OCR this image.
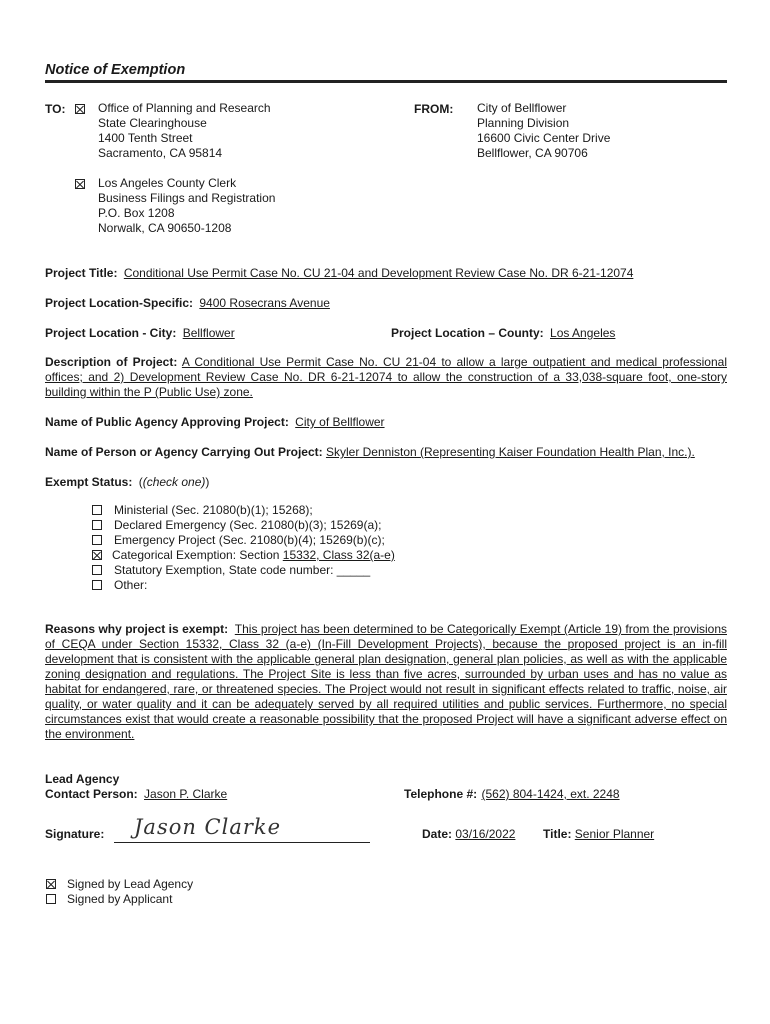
Notice of Exemption
TO:	Office of Planning and Research
State Clearinghouse
1400 Tenth Street
Sacramento, CA 95814
Los Angeles County Clerk
Business Filings and Registration
P.O. Box 1208
Norwalk, CA 90650-1208
FROM: City of Bellflower
Planning Division
16600 Civic Center Drive
Bellflower, CA 90706
Project Title: Conditional Use Permit Case No. CU 21-04 and Development Review Case No. DR 6-21-12074
Project Location-Specific: 9400 Rosecrans Avenue
Project Location - City: Bellflower	Project Location – County: Los Angeles
Description of Project: A Conditional Use Permit Case No. CU 21-04 to allow a large outpatient and medical professional offices; and 2) Development Review Case No. DR 6-21-12074 to allow the construction of a 33,038-square foot, one-story building within the P (Public Use) zone.
Name of Public Agency Approving Project: City of Bellflower
Name of Person or Agency Carrying Out Project: Skyler Denniston (Representing Kaiser Foundation Health Plan, Inc.).
Exempt Status: ((check one))
Ministerial (Sec. 21080(b)(1); 15268);
Declared Emergency (Sec. 21080(b)(3); 15269(a);
Emergency Project (Sec. 21080(b)(4); 15269(b)(c);
Categorical Exemption: Section 15332, Class 32(a-e)
Statutory Exemption, State code number: _____
Other:
Reasons why project is exempt: This project has been determined to be Categorically Exempt (Article 19) from the provisions of CEQA under Section 15332, Class 32 (a-e) (In-Fill Development Projects), because the proposed project is an in-fill development that is consistent with the applicable general plan designation, general plan policies, as well as with the applicable zoning designation and regulations. The Project Site is less than five acres, surrounded by urban uses and has no value as habitat for endangered, rare, or threatened species. The Project would not result in significant effects related to traffic, noise, air quality, or water quality and it can be adequately served by all required utilities and public services. Furthermore, no special circumstances exist that would create a reasonable possibility that the proposed Project will have a significant adverse effect on the environment.
Lead Agency
Contact Person: Jason P. Clarke	Telephone #: (562) 804-1424, ext. 2248
Signature: Jason Clarke	Date: 03/16/2022 Title: Senior Planner
Signed by Lead Agency
Signed by Applicant
